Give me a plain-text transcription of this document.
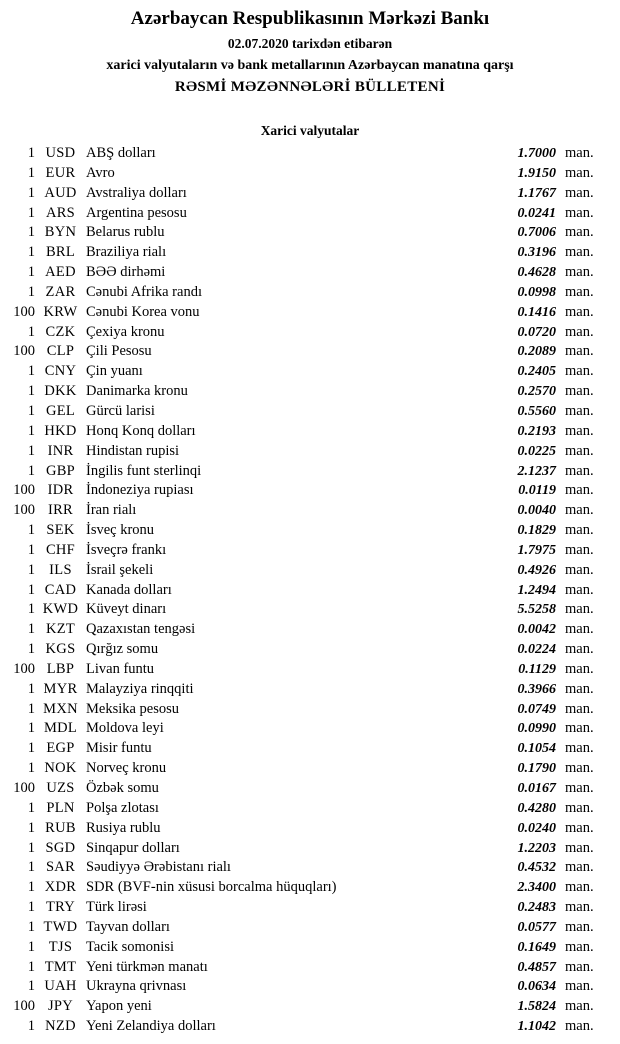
Azərbaycan Respublikasının Mərkəzi Bankı
02.07.2020 tarixdən etibarən
xarici valyutaların və bank metallarının Azərbaycan manatına qarşı
RƏSMİ MƏZƏNNƏLƏRİ BÜLLETENİ
Xarici valyutalar
1 USD ABŞ dolları	1.7000 man.
1 EUR Avro	1.9150 man.
1 AUD Avstraliya dolları	1.1767 man.
1 ARS Argentina pesosu	0.0241 man.
1 BYN Belarus rublu	0.7006 man.
1 BRL Braziliya rialı	0.3196 man.
1 AED BƏƏ dirhəmi	0.4628 man.
1 ZAR Cənubi Afrika randı	0.0998 man.
100 KRW Cənubi Korea vonu	0.1416 man.
1 CZK Çexiya kronu	0.0720 man.
100 CLP Çili Pesosu	0.2089 man.
1 CNY Çin yuanı	0.2405 man.
1 DKK Danimarka kronu	0.2570 man.
1 GEL Gürcü larisi	0.5560 man.
1 HKD Honq Konq dolları	0.2193 man.
1 INR Hindistan rupisi	0.0225 man.
1 GBP İngilis funt sterlinqi	2.1237 man.
100 IDR İndoneziya rupiası	0.0119 man.
100 IRR İran rialı	0.0040 man.
1 SEK İsveç kronu	0.1829 man.
1 CHF İsveçrə frankı	1.7975 man.
1 ILS İsrail şekeli	0.4926 man.
1 CAD Kanada dolları	1.2494 man.
1 KWD Küveyt dinarı	5.5258 man.
1 KZT Qazaxıstan tengəsi	0.0042 man.
1 KGS Qırğız somu	0.0224 man.
100 LBP Livan funtu	0.1129 man.
1 MYR Malayziya rinqqiti	0.3966 man.
1 MXN Meksika pesosu	0.0749 man.
1 MDL Moldova leyi	0.0990 man.
1 EGP Misir funtu	0.1054 man.
1 NOK Norveç kronu	0.1790 man.
100 UZS Özbək somu	0.0167 man.
1 PLN Polşa zlotası	0.4280 man.
1 RUB Rusiya rublu	0.0240 man.
1 SGD Sinqapur dolları	1.2203 man.
1 SAR Səudiyyə Ərəbistanı rialı	0.4532 man.
1 XDR SDR (BVF-nin xüsusi borcalma hüquqları)	2.3400 man.
1 TRY Türk lirəsi	0.2483 man.
1 TWD Tayvan dolları	0.0577 man.
1 TJS Tacik somonisi	0.1649 man.
1 TMT Yeni türkmən manatı	0.4857 man.
1 UAH Ukrayna qrivnası	0.0634 man.
100 JPY Yapon yeni	1.5824 man.
1 NZD Yeni Zelandiya dolları	1.1042 man.
